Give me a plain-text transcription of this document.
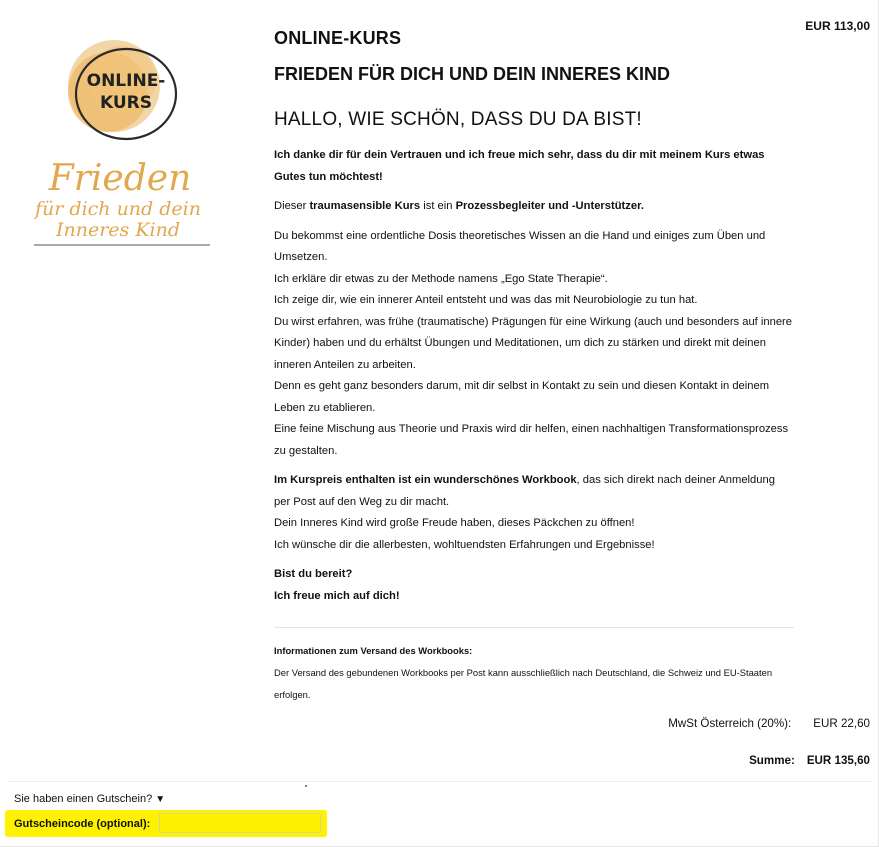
ONLINE-
KURS
Frieden
für dich und dein
Inneres Kind
EUR 113,00
ONLINE-KURS
FRIEDEN FÜR DICH UND DEIN INNERES KIND
HALLO, WIE SCHÖN, DASS DU DA BIST!

Ich danke dir für dein Vertrauen und ich freue mich sehr, dass du dir mit meinem Kurs etwas Gutes tun möchtest!

Dieser traumasensible Kurs ist ein Prozessbegleiter und -Unterstützer.

Du bekommst eine ordentliche Dosis theoretisches Wissen an die Hand und einiges zum Üben und Umsetzen.
Ich erkläre dir etwas zu der Methode namens „Ego State Therapie“.
Ich zeige dir, wie ein innerer Anteil entsteht und was das mit Neurobiologie zu tun hat.
Du wirst erfahren, was frühe (traumatische) Prägungen für eine Wirkung (auch und besonders auf innere Kinder) haben und du erhältst Übungen und Meditationen, um dich zu stärken und direkt mit deinen inneren Anteilen zu arbeiten.
Denn es geht ganz besonders darum, mit dir selbst in Kontakt zu sein und diesen Kontakt in deinem Leben zu etablieren.
Eine feine Mischung aus Theorie und Praxis wird dir helfen, einen nachhaltigen Transformationsprozess zu gestalten.

Im Kurspreis enthalten ist ein wunderschönes Workbook, das sich direkt nach deiner Anmeldung per Post auf den Weg zu dir macht.
Dein Inneres Kind wird große Freude haben, dieses Päckchen zu öffnen!
Ich wünsche dir die allerbesten, wohltuendsten Erfahrungen und Ergebnisse!

Bist du bereit?
Ich freue mich auf dich!

Informationen zum Versand des Workbooks:
Der Versand des gebundenen Workbooks per Post kann ausschließlich nach Deutschland, die Schweiz und EU-Staaten erfolgen.
MwSt Österreich (20%): EUR 22,60
Summe: EUR 135,60
Sie haben einen Gutschein? ▼
Gutscheincode (optional):
